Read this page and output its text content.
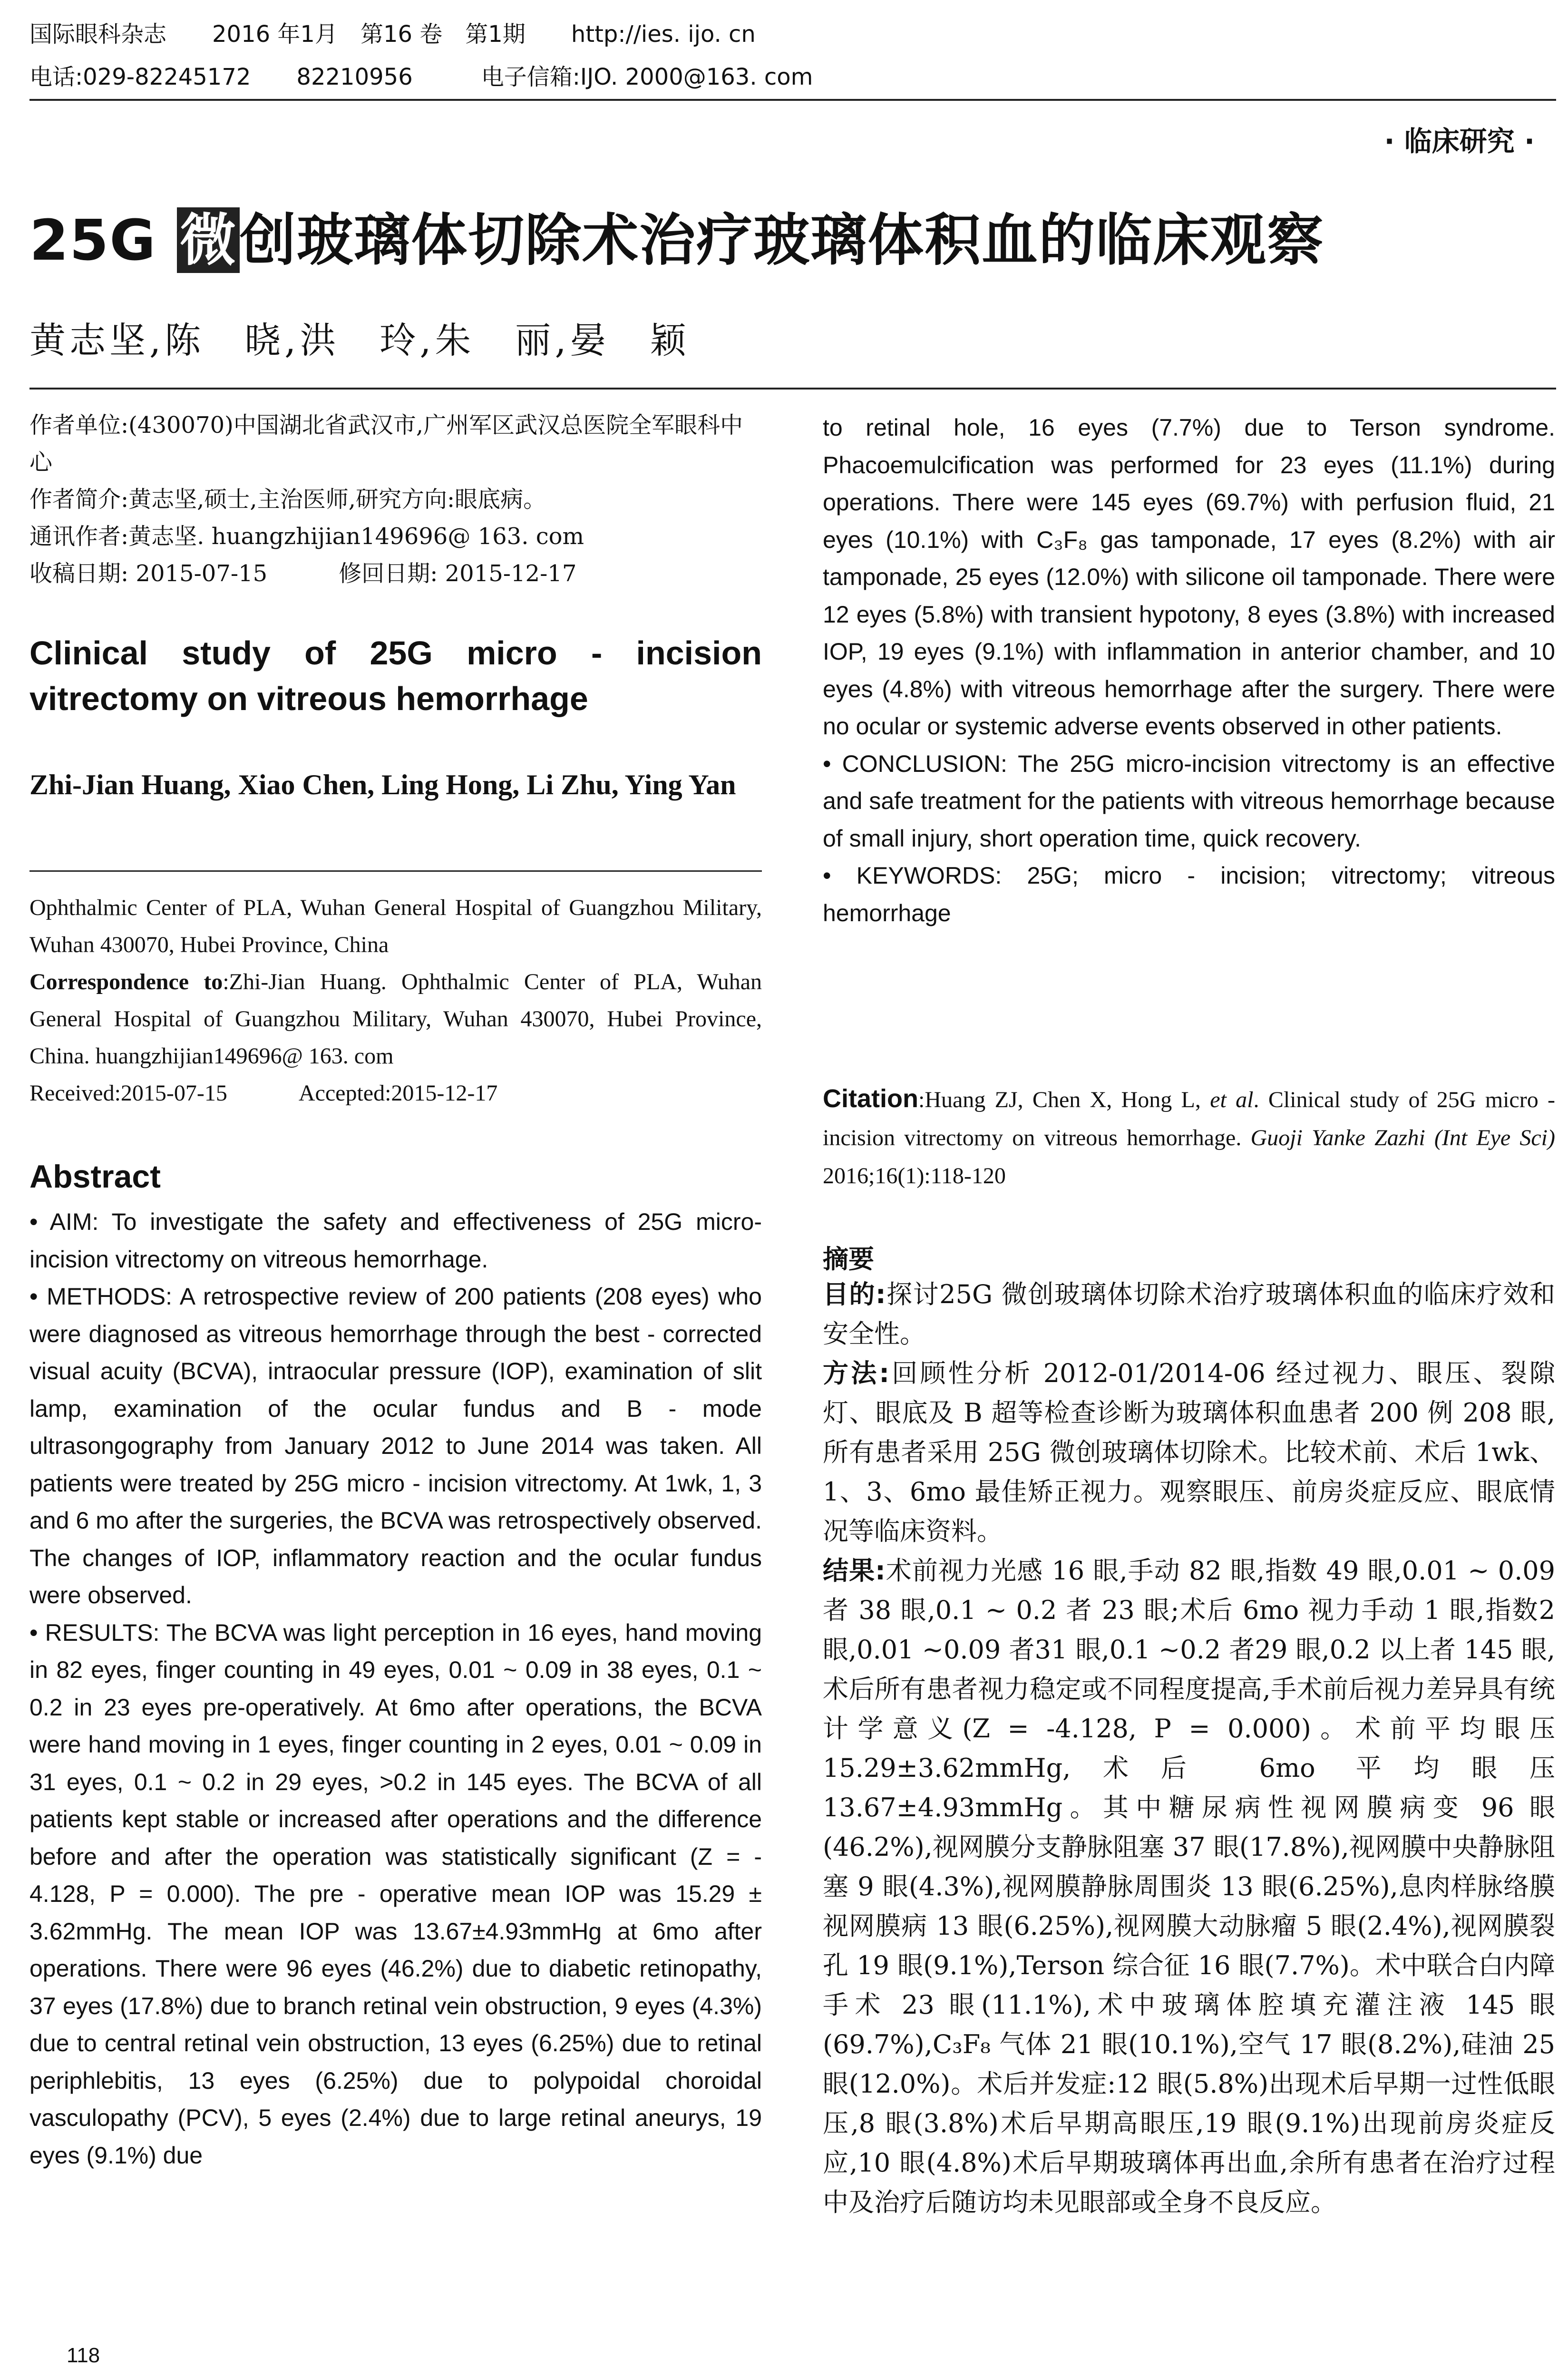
国际眼科杂志　　2016 年1月　第16 卷　第1期　　http://ies. ijo. cn
电话:029-82245172　　82210956　　　电子信箱:IJO. 2000@163. com
· 临床研究 ·
25G 微创玻璃体切除术治疗玻璃体积血的临床观察
黄志坚,陈　晓,洪　玲,朱　丽,晏　颖

作者单位:(430070)中国湖北省武汉市,广州军区武汉总医院全军眼科中心

作者简介:黄志坚,硕士,主治医师,研究方向:眼底病。

通讯作者:黄志坚. huangzhijian149696@ 163. com

收稿日期: 2015-07-15	修回日期: 2015-12-17

Clinical study of 25G micro - incision vitrectomy on vitreous hemorrhage
Zhi-Jian Huang, Xiao Chen, Ling Hong, Li Zhu, Ying Yan

Ophthalmic Center of PLA, Wuhan General Hospital of Guangzhou Military, Wuhan 430070, Hubei Province, China

Correspondence to:Zhi-Jian Huang. Ophthalmic Center of PLA, Wuhan General Hospital of Guangzhou Military, Wuhan 430070, Hubei Province, China. huangzhijian149696@ 163. com

Received:2015-07-15	Accepted:2015-12-17

Abstract

• AIM: To investigate the safety and effectiveness of 25G micro-incision vitrectomy on vitreous hemorrhage.

• METHODS: A retrospective review of 200 patients (208 eyes) who were diagnosed as vitreous hemorrhage through the best - corrected visual acuity (BCVA), intraocular pressure (IOP), examination of slit lamp, examination of the ocular fundus and B - mode ultrasongography from January 2012 to June 2014 was taken. All patients were treated by 25G micro - incision vitrectomy. At 1wk, 1, 3 and 6 mo after the surgeries, the BCVA was retrospectively observed. The changes of IOP, inflammatory reaction and the ocular fundus were observed.

• RESULTS: The BCVA was light perception in 16 eyes, hand moving in 82 eyes, finger counting in 49 eyes, 0.01 ~ 0.09 in 38 eyes, 0.1 ~ 0.2 in 23 eyes pre-operatively. At 6mo after operations, the BCVA were hand moving in 1 eyes, finger counting in 2 eyes, 0.01 ~ 0.09 in 31 eyes, 0.1 ~ 0.2 in 29 eyes, >0.2 in 145 eyes. The BCVA of all patients kept stable or increased after operations and the difference before and after the operation was statistically significant (Z = - 4.128, P = 0.000). The pre - operative mean IOP was 15.29 ± 3.62mmHg. The mean IOP was 13.67±4.93mmHg at 6mo after operations. There were 96 eyes (46.2%) due to diabetic retinopathy, 37 eyes (17.8%) due to branch retinal vein obstruction, 9 eyes (4.3%) due to central retinal vein obstruction, 13 eyes (6.25%) due to retinal periphlebitis, 13 eyes (6.25%) due to polypoidal choroidal vasculopathy (PCV), 5 eyes (2.4%) due to large retinal aneurys, 19 eyes (9.1%) due

to retinal hole, 16 eyes (7.7%) due to Terson syndrome. Phacoemulcification was performed for 23 eyes (11.1%) during operations. There were 145 eyes (69.7%) with perfusion fluid, 21 eyes (10.1%) with C₃F₈ gas tamponade, 17 eyes (8.2%) with air tamponade, 25 eyes (12.0%) with silicone oil tamponade. There were 12 eyes (5.8%) with transient hypotony, 8 eyes (3.8%) with increased IOP, 19 eyes (9.1%) with inflammation in anterior chamber, and 10 eyes (4.8%) with vitreous hemorrhage after the surgery. There were no ocular or systemic adverse events observed in other patients.

• CONCLUSION: The 25G micro-incision vitrectomy is an effective and safe treatment for the patients with vitreous hemorrhage because of small injury, short operation time, quick recovery.

• KEYWORDS: 25G; micro - incision; vitrectomy; vitreous hemorrhage

Citation:Huang ZJ, Chen X, Hong L, et al. Clinical study of 25G micro - incision vitrectomy on vitreous hemorrhage. Guoji Yanke Zazhi (Int Eye Sci) 2016;16(1):118-120
摘要

目的:探讨25G 微创玻璃体切除术治疗玻璃体积血的临床疗效和安全性。

方法:回顾性分析 2012-01/2014-06 经过视力、眼压、裂隙灯、眼底及 B 超等检查诊断为玻璃体积血患者 200 例 208 眼,所有患者采用 25G 微创玻璃体切除术。比较术前、术后 1wk、1、3、6mo 最佳矫正视力。观察眼压、前房炎症反应、眼底情况等临床资料。

结果:术前视力光感 16 眼,手动 82 眼,指数 49 眼,0.01 ~ 0.09 者 38 眼,0.1 ~ 0.2 者 23 眼;术后 6mo 视力手动 1 眼,指数2 眼,0.01 ~0.09 者31 眼,0.1 ~0.2 者29 眼,0.2 以上者 145 眼,术后所有患者视力稳定或不同程度提高,手术前后视力差异具有统计学意义(Z = -4.128, P = 0.000)。术前平均眼压 15.29±3.62mmHg,术后 6mo 平均眼压 13.67±4.93mmHg。其中糖尿病性视网膜病变 96 眼(46.2%),视网膜分支静脉阻塞 37 眼(17.8%),视网膜中央静脉阻塞 9 眼(4.3%),视网膜静脉周围炎 13 眼(6.25%),息肉样脉络膜视网膜病 13 眼(6.25%),视网膜大动脉瘤 5 眼(2.4%),视网膜裂孔 19 眼(9.1%),Terson 综合征 16 眼(7.7%)。术中联合白内障手术 23 眼(11.1%),术中玻璃体腔填充灌注液 145 眼(69.7%),C₃F₈ 气体 21 眼(10.1%),空气 17 眼(8.2%),硅油 25 眼(12.0%)。术后并发症:12 眼(5.8%)出现术后早期一过性低眼压,8 眼(3.8%)术后早期高眼压,19 眼(9.1%)出现前房炎症反应,10 眼(4.8%)术后早期玻璃体再出血,余所有患者在治疗过程中及治疗后随访均未见眼部或全身不良反应。

118
